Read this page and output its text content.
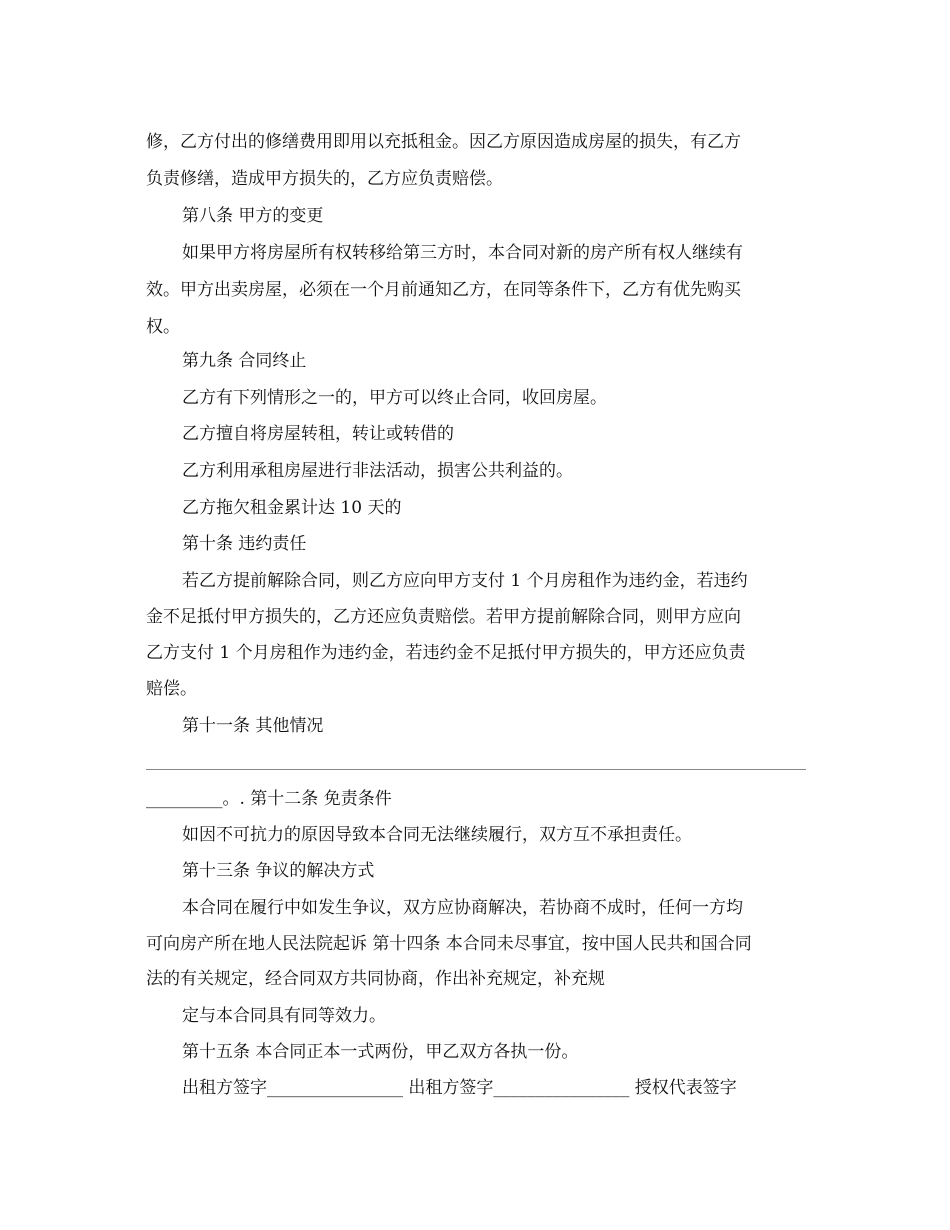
修，乙方付出的修缮费用即用以充抵租金。因乙方原因造成房屋的损失，有乙方
负责修缮，造成甲方损失的，乙方应负责赔偿。
第八条 甲方的变更
如果甲方将房屋所有权转移给第三方时，本合同对新的房产所有权人继续有
效。甲方出卖房屋，必须在一个月前通知乙方，在同等条件下，乙方有优先购买
权。
第九条 合同终止
乙方有下列情形之一的，甲方可以终止合同，收回房屋。
乙方擅自将房屋转租，转让或转借的
乙方利用承租房屋进行非法活动，损害公共利益的。
乙方拖欠租金累计达 10 天的
第十条 违约责任
若乙方提前解除合同，则乙方应向甲方支付 1 个月房租作为违约金，若违约
金不足抵付甲方损失的，乙方还应负责赔偿。若甲方提前解除合同，则甲方应向
乙方支付 1 个月房租作为违约金，若违约金不足抵付甲方损失的，甲方还应负责
赔偿。
第十一条 其他情况
_________。. 第十二条 免责条件
如因不可抗力的原因导致本合同无法继续履行，双方互不承担责任。
第十三条 争议的解决方式
本合同在履行中如发生争议，双方应协商解决，若协商不成时，任何一方均
可向房产所在地人民法院起诉 第十四条 本合同未尽事宜，按中国人民共和国合同
法的有关规定，经合同双方共同协商，作出补充规定，补充规
定与本合同具有同等效力。
第十五条 本合同正本一式两份，甲乙双方各执一份。
出租方签字________________ 出租方签字________________ 授权代表签字
